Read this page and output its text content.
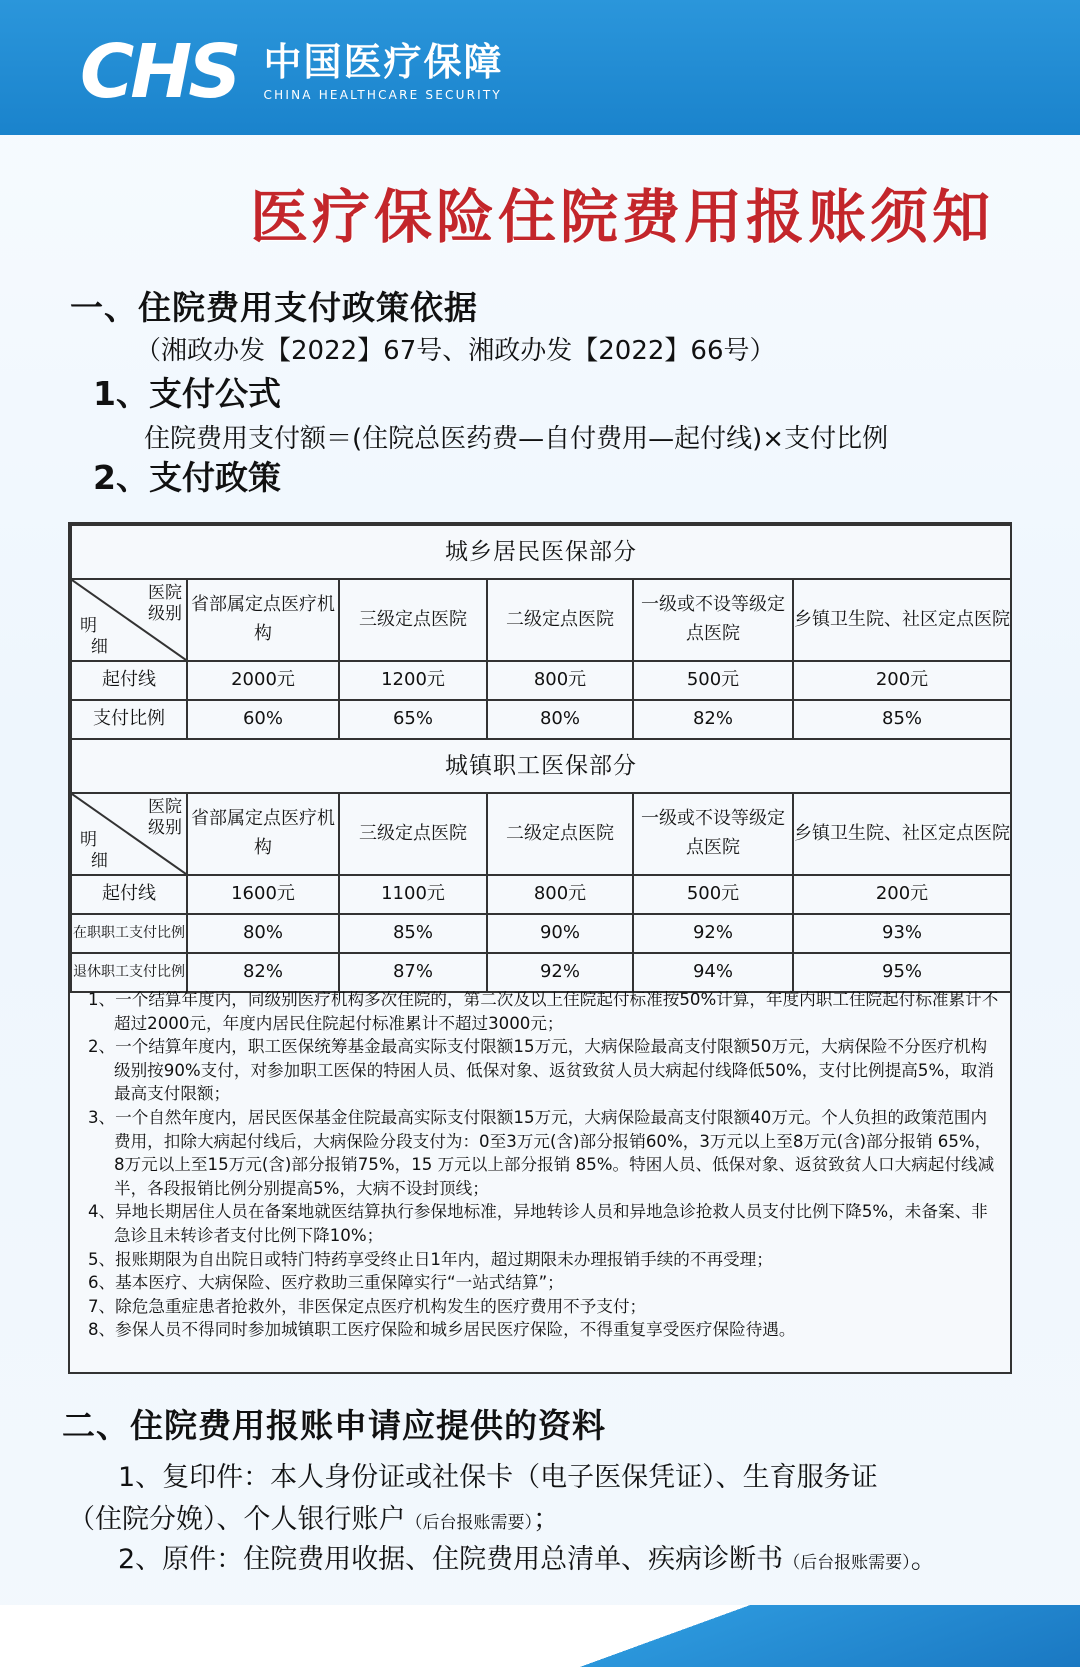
CHS 中国医疗保障
CHINA HEALTHCARE SECURITY
医疗保险住院费用报账须知
一、住院费用支付政策依据
（湘政办发【2022】67号、湘政办发【2022】66号）
1、支付公式
住院费用支付额＝(住院总医药费—自付费用—起付线)×支付比例
2、支付政策
城乡居民医保部分					

医院
级别
明
细	省部属定点医疗机构	三级定点医院	二级定点医院	一级或不设等级定点医院	乡镇卫生院、社区定点医院
起付线	2000元	1200元	800元	500元	200元
支付比例	60%	65%	80%	82%	85%
城镇职工医保部分					

医院
级别
明
细	省部属定点医疗机构	三级定点医院	二级定点医院	一级或不设等级定点医院	乡镇卫生院、社区定点医院
起付线	1600元	1100元	800元	500元	200元
在职职工支付比例	80%	85%	90%	92%	93%
退休职工支付比例	82%	87%	92%	94%	95%
1、一个结算年度内，同级别医疗机构多次住院的，第二次及以上住院起付标准按50%计算，年度内职工住院起付标准累计不超过2000元，年度内居民住院起付标准累计不超过3000元；
2、一个结算年度内，职工医保统筹基金最高实际支付限额15万元，大病保险最高支付限额50万元，大病保险不分医疗机构级别按90%支付，对参加职工医保的特困人员、低保对象、返贫致贫人员大病起付线降低50%，支付比例提高5%，取消最高支付限额；
3、一个自然年度内，居民医保基金住院最高实际支付限额15万元，大病保险最高支付限额40万元。个人负担的政策范围内费用，扣除大病起付线后，大病保险分段支付为：0至3万元(含)部分报销60%，3万元以上至8万元(含)部分报销 65%，8万元以上至15万元(含)部分报销75%，15 万元以上部分报销 85%。特困人员、低保对象、返贫致贫人口大病起付线减半，各段报销比例分别提高5%，大病不设封顶线；
4、异地长期居住人员在备案地就医结算执行参保地标准，异地转诊人员和异地急诊抢救人员支付比例下降5%，未备案、非急诊且未转诊者支付比例下降10%；
5、报账期限为自出院日或特门特药享受终止日1年内，超过期限未办理报销手续的不再受理；
6、基本医疗、大病保险、医疗救助三重保障实行“一站式结算”；
7、除危急重症患者抢救外，非医保定点医疗机构发生的医疗费用不予支付；
8、参保人员不得同时参加城镇职工医疗保险和城乡居民医疗保险，不得重复享受医疗保险待遇。
二、住院费用报账申请应提供的资料
1、复印件：本人身份证或社保卡（电子医保凭证）、生育服务证
（住院分娩）、个人银行账户（后台报账需要）；
2、原件：住院费用收据、住院费用总清单、疾病诊断书（后台报账需要）。
